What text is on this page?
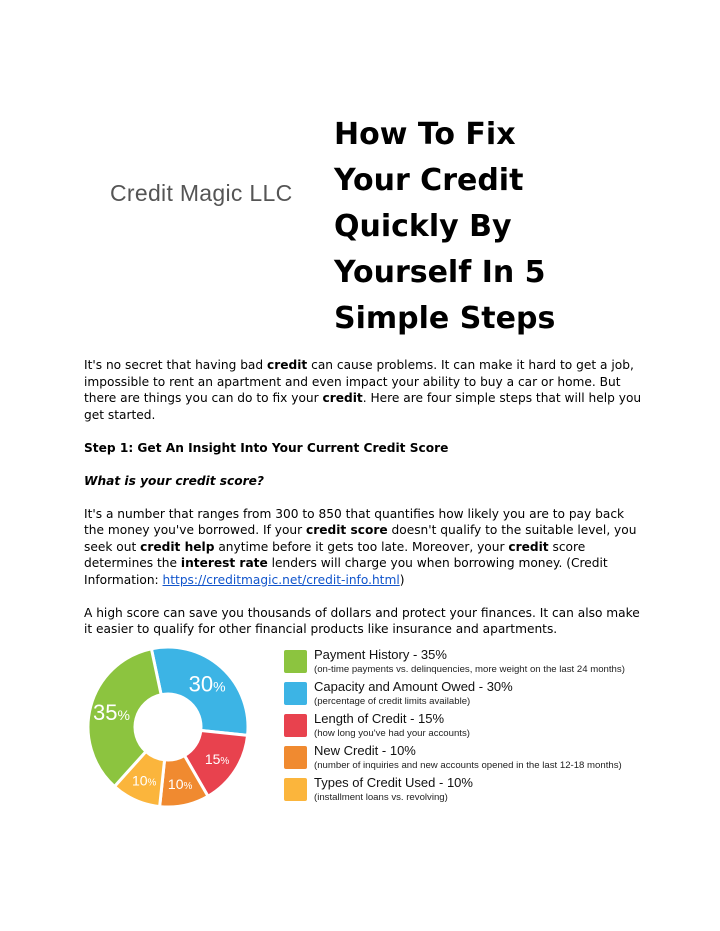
Credit Magic LLC
How To Fix
Your Credit
Quickly By
Yourself In 5
Simple Steps

It's no secret that having bad credit can cause problems. It can make it hard to get a job, impossible to rent an apartment and even impact your ability to buy a car or home. But there are things you can do to fix your credit. Here are four simple steps that will help you get started.

Step 1: Get An Insight Into Your Current Credit Score

What is your credit score?

It's a number that ranges from 300 to 850 that quantifies how likely you are to pay back the money you've borrowed. If your credit score doesn't qualify to the suitable level, you seek out credit help anytime before it gets too late. Moreover, your credit score determines the interest rate lenders will charge you when borrowing money. (Credit Information: https://creditmagic.net/credit-info.html)

A high score can save you thousands of dollars and protect your finances. It can also make it easier to qualify for other financial products like insurance and apartments.

30%
15%
10%
10%
35%
Payment History - 35%
(on-time payments vs. delinquencies, more weight on the last 24 months)
Capacity and Amount Owed - 30%
(percentage of credit limits available)
Length of Credit - 15%
(how long you've had your accounts)
New Credit - 10%
(number of inquiries and new accounts opened in the last 12-18 months)
Types of Credit Used - 10%
(installment loans vs. revolving)
